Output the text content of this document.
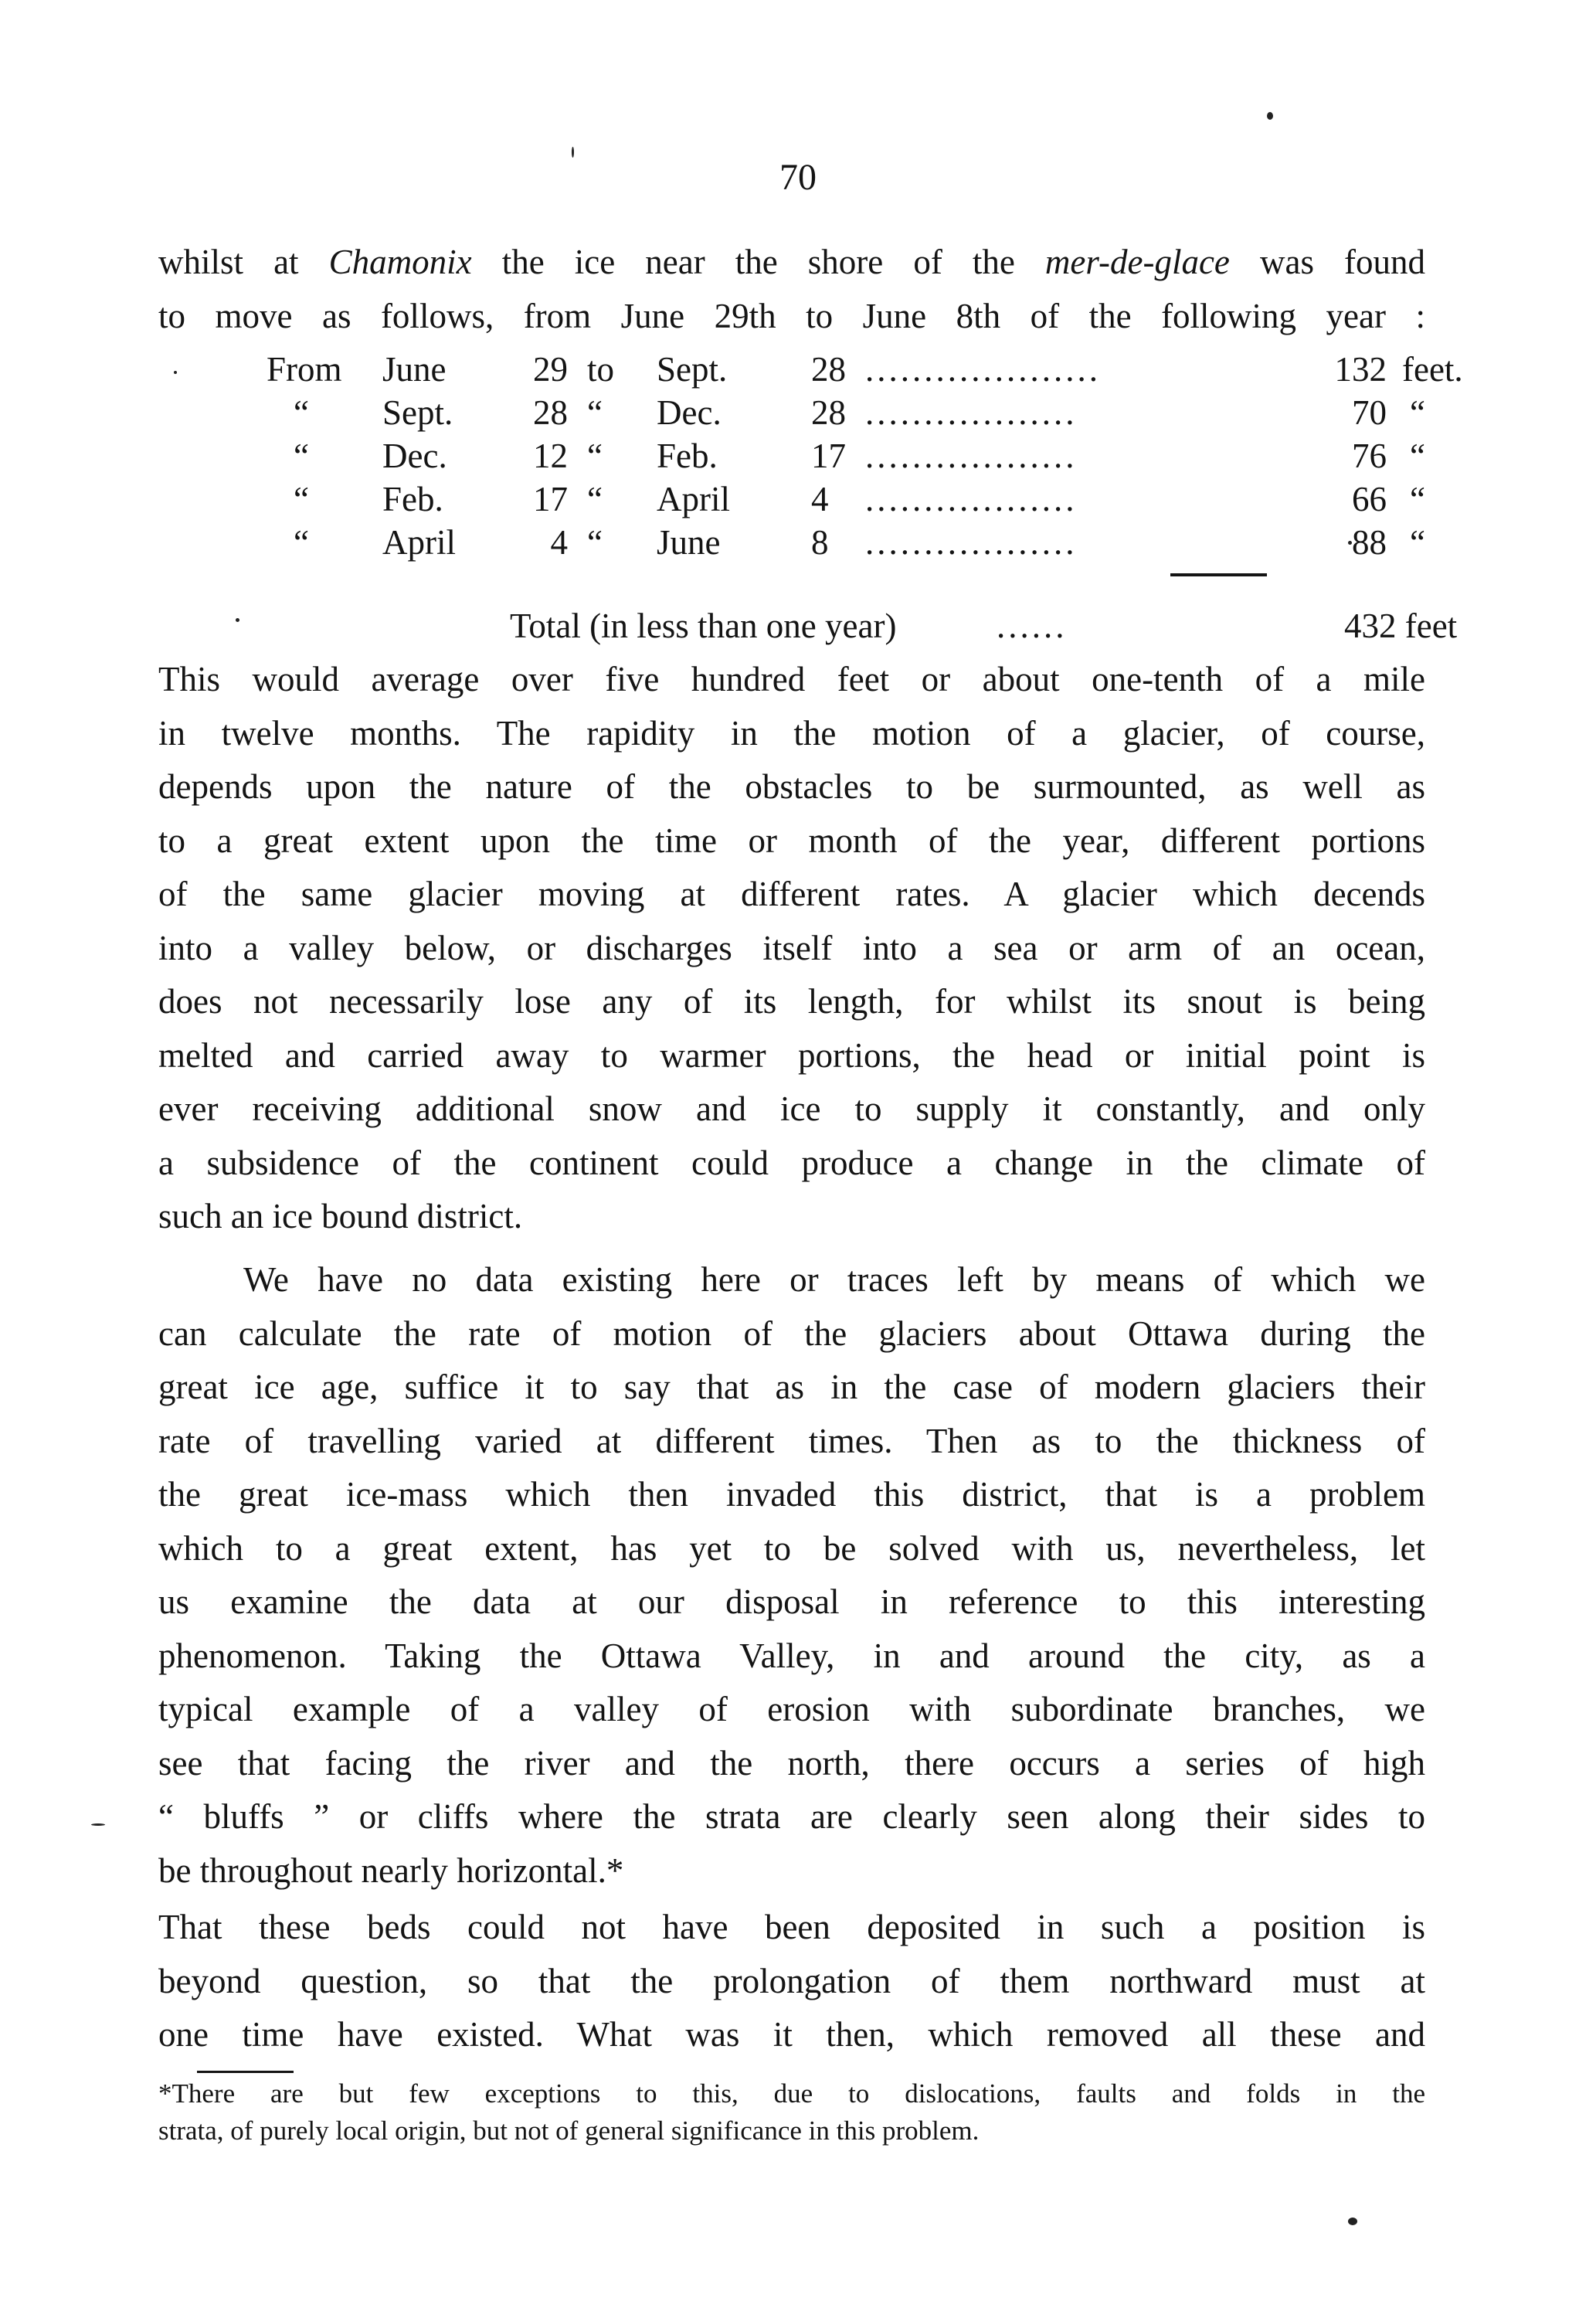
70
whilst at Chamonix the ice near the shore of the mer-de-glace was found
to move as follows, from June 29th to June 8th of the following year :
From June	29 to Sept. 28 ....................	132 feet.
“ Sept.	28 “ Dec.	28 ..................	70 “
“ Dec.	12 “ Feb.	17 ..................	76 “
“ Feb.	17 “ April 4 ..................	66 “
“ April	4 “ June	8 ..................	88 “
Total (in less than one year)	......	432 feet
This would average over five hundred feet or about one-tenth of a mile
in twelve months. The rapidity in the motion of a glacier, of course,
depends upon the nature of the obstacles to be surmounted, as well as
to a great extent upon the time or month of the year, different portions
of the same glacier moving at different rates. A glacier which decends
into a valley below, or discharges itself into a sea or arm of an ocean,
does not necessarily lose any of its length, for whilst its snout is being
melted and carried away to warmer portions, the head or initial point is
ever receiving additional snow and ice to supply it constantly, and only
a subsidence of the continent could produce a change in the climate of
such an ice bound district.
We have no data existing here or traces left by means of which we
can calculate the rate of motion of the glaciers about Ottawa during the
great ice age, suffice it to say that as in the case of modern glaciers their
rate of travelling varied at different times. Then as to the thickness of
the great ice-mass which then invaded this district, that is a problem
which to a great extent, has yet to be solved with us, nevertheless, let
us examine the data at our disposal in reference to this interesting
phenomenon. Taking the Ottawa Valley, in and around the city, as a
typical example of a valley of erosion with subordinate branches, we
see that facing the river and the north, there occurs a series of high
“ bluffs ” or cliffs where the strata are clearly seen along their sides to
be throughout nearly horizontal.*
That these beds could not have been deposited in such a position is
beyond question, so that the prolongation of them northward must at
one time have existed. What was it then, which removed all these and
*There are but few exceptions to this, due to dislocations, faults and folds in the
strata, of purely local origin, but not of general significance in this problem.
